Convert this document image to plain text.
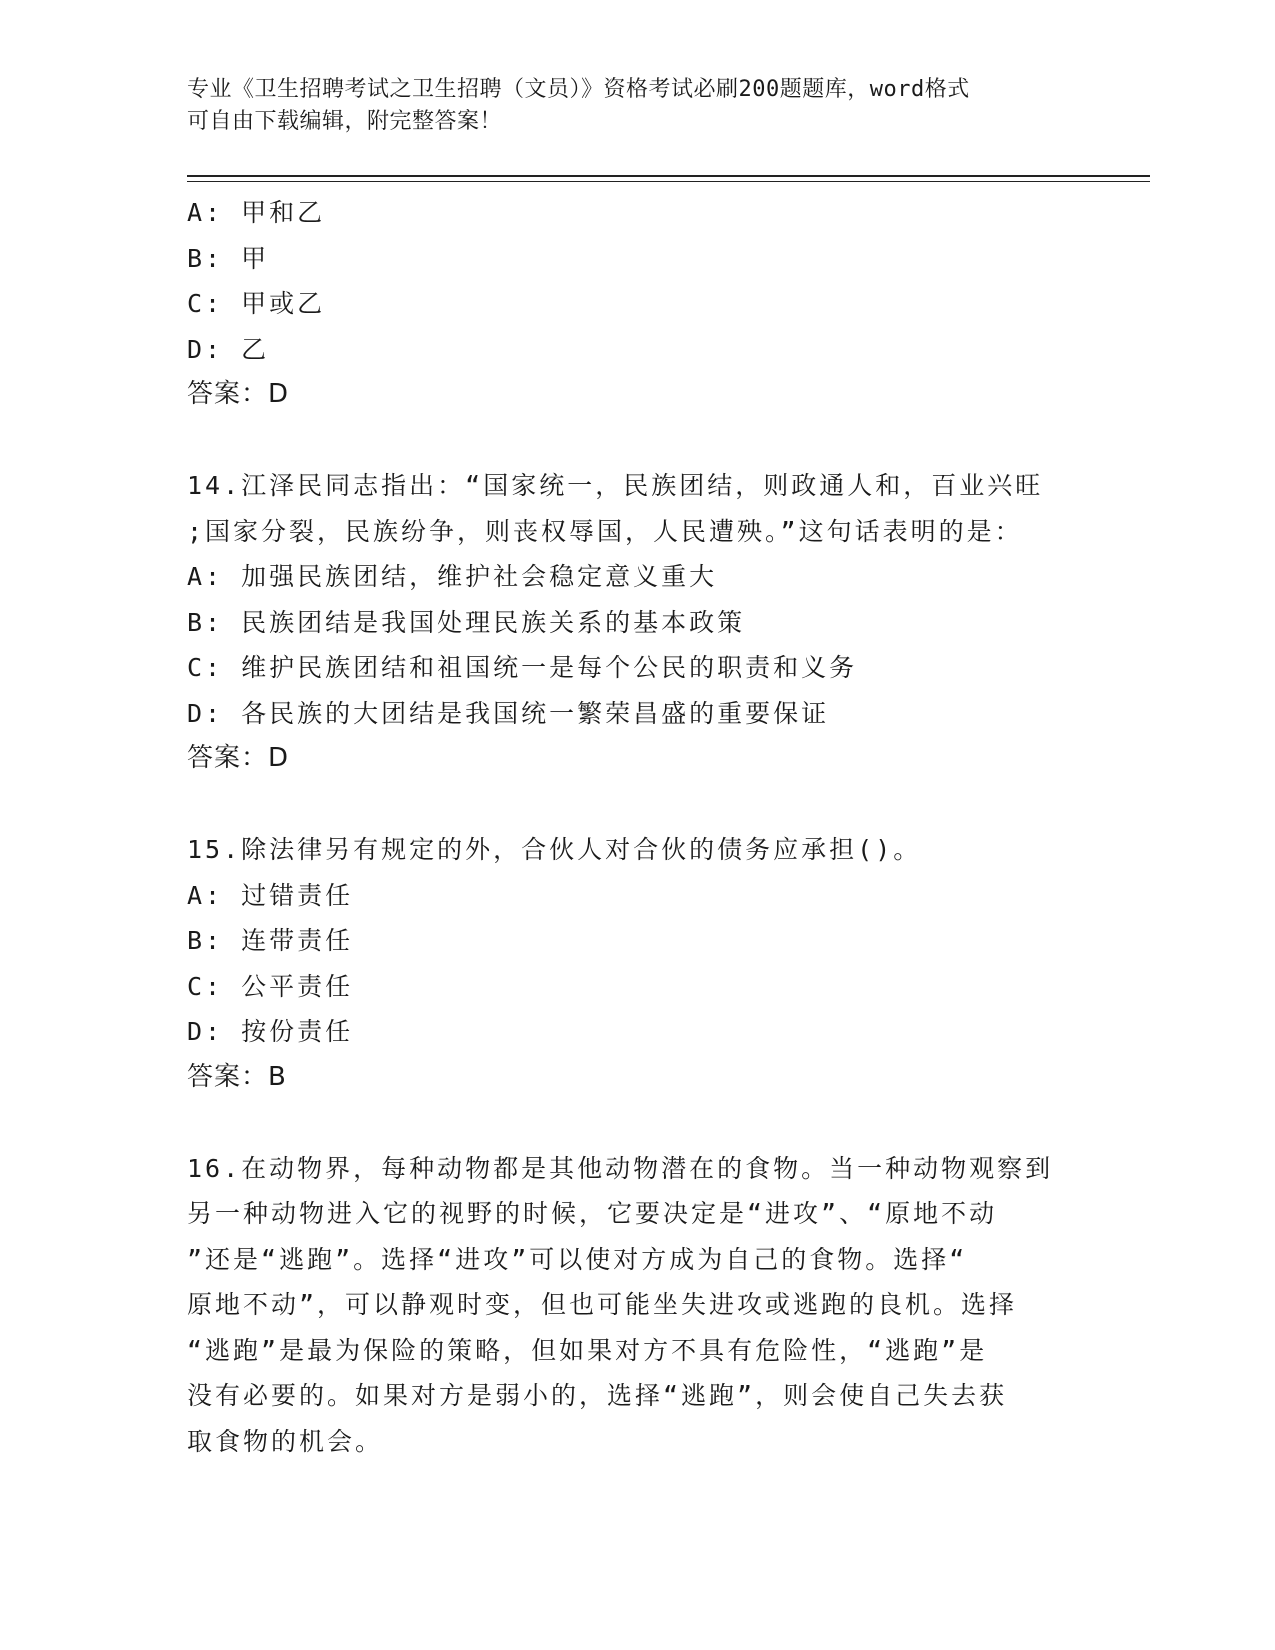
专业《卫生招聘考试之卫生招聘（文员）》资格考试必刷200题题库，word格式
可自由下载编辑，附完整答案！
A: 甲和乙
B: 甲
C: 甲或乙
D: 乙
答案：D
14.江泽民同志指出：“国家统一，民族团结，则政通人和，百业兴旺
;国家分裂，民族纷争，则丧权辱国，人民遭殃。”这句话表明的是：
A: 加强民族团结，维护社会稳定意义重大
B: 民族团结是我国处理民族关系的基本政策
C: 维护民族团结和祖国统一是每个公民的职责和义务
D: 各民族的大团结是我国统一繁荣昌盛的重要保证
答案：D
15.除法律另有规定的外，合伙人对合伙的债务应承担()。
A: 过错责任
B: 连带责任
C: 公平责任
D: 按份责任
答案：B
16.在动物界，每种动物都是其他动物潜在的食物。当一种动物观察到
另一种动物进入它的视野的时候，它要决定是“进攻”、“原地不动
”还是“逃跑”。选择“进攻”可以使对方成为自己的食物。选择“
原地不动”，可以静观时变，但也可能坐失进攻或逃跑的良机。选择
“逃跑”是最为保险的策略，但如果对方不具有危险性，“逃跑”是
没有必要的。如果对方是弱小的，选择“逃跑”，则会使自己失去获
取食物的机会。
